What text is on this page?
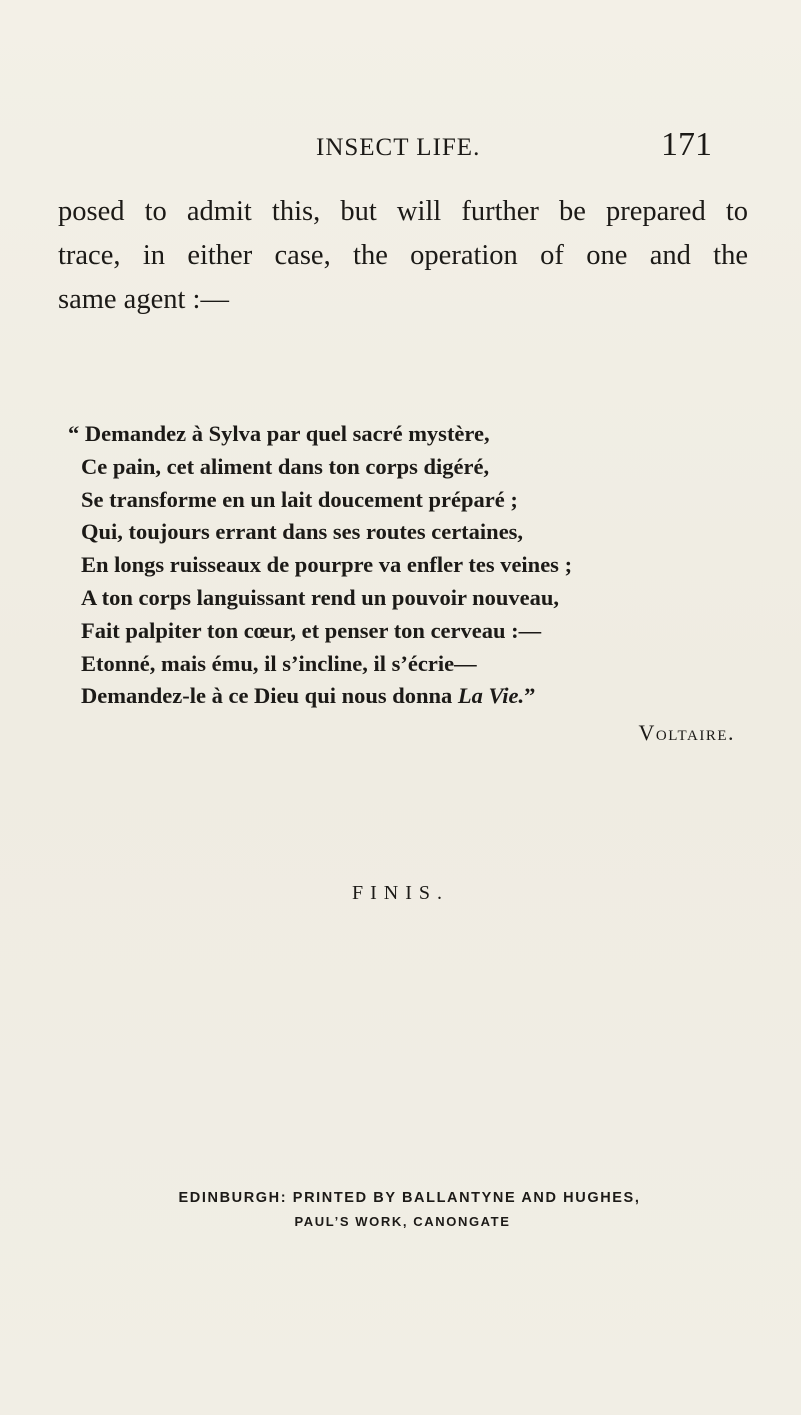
INSECT LIFE.	171

posed to admit this, but will further be prepared to
trace, in either case, the operation of one and the
same agent :—

“ Demandez à Sylva par quel sacré mystère,
Ce pain, cet aliment dans ton corps digéré,
Se transforme en un lait doucement préparé ;
Qui, toujours errant dans ses routes certaines,
En longs ruisseaux de pourpre va enfler tes veines ;
A ton corps languissant rend un pouvoir nouveau,
Fait palpiter ton cœur, et penser ton cerveau :—
Etonné, mais ému, il s’incline, il s’écrie—
Demandez-le à ce Dieu qui nous donna La Vie.”
Voltaire.
FINIS.
EDINBURGH: PRINTED BY BALLANTYNE AND HUGHES,
PAUL’S WORK, CANONGATE
